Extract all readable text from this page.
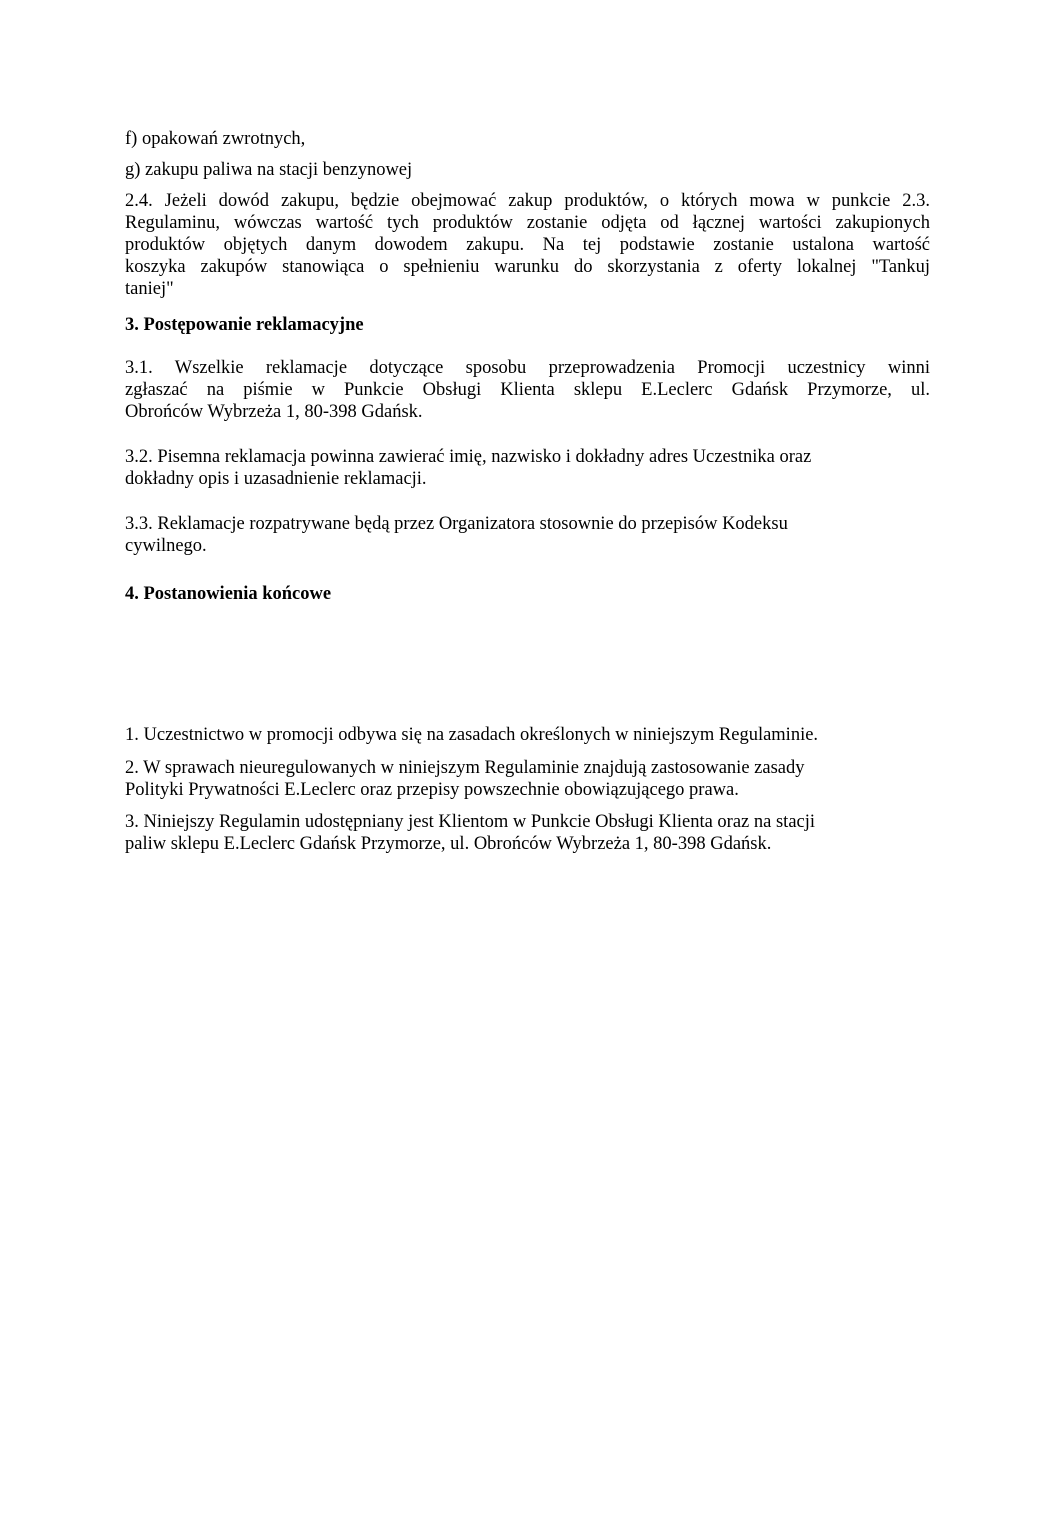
f) opakowań zwrotnych,

g) zakupu paliwa na stacji benzynowej

2.4. Jeżeli dowód zakupu, będzie obejmować zakup produktów, o których mowa w punkcie 2.3.
Regulaminu, wówczas wartość tych produktów zostanie odjęta od łącznej wartości zakupionych
produktów objętych danym dowodem zakupu. Na tej podstawie zostanie ustalona wartość
koszyka zakupów stanowiąca o spełnieniu warunku do skorzystania z oferty lokalnej "Tankuj
taniej"

3. Postępowanie reklamacyjne

3.1. Wszelkie reklamacje dotyczące sposobu przeprowadzenia Promocji uczestnicy winni
zgłaszać na piśmie w Punkcie Obsługi Klienta sklepu E.Leclerc Gdańsk Przymorze, ul.
Obrońców Wybrzeża 1, 80-398 Gdańsk.
3.2. Pisemna reklamacja powinna zawierać imię, nazwisko i dokładny adres Uczestnika oraz
dokładny opis i uzasadnienie reklamacji.
3.3. Reklamacje rozpatrywane będą przez Organizatora stosownie do przepisów Kodeksu
cywilnego.

4. Postanowienia końcowe

1. Uczestnictwo w promocji odbywa się na zasadach określonych w niniejszym Regulaminie.
2. W sprawach nieuregulowanych w niniejszym Regulaminie znajdują zastosowanie zasady
Polityki Prywatności E.Leclerc oraz przepisy powszechnie obowiązującego prawa.
3. Niniejszy Regulamin udostępniany jest Klientom w Punkcie Obsługi Klienta oraz na stacji
paliw sklepu E.Leclerc Gdańsk Przymorze, ul. Obrońców Wybrzeża 1, 80-398 Gdańsk.
